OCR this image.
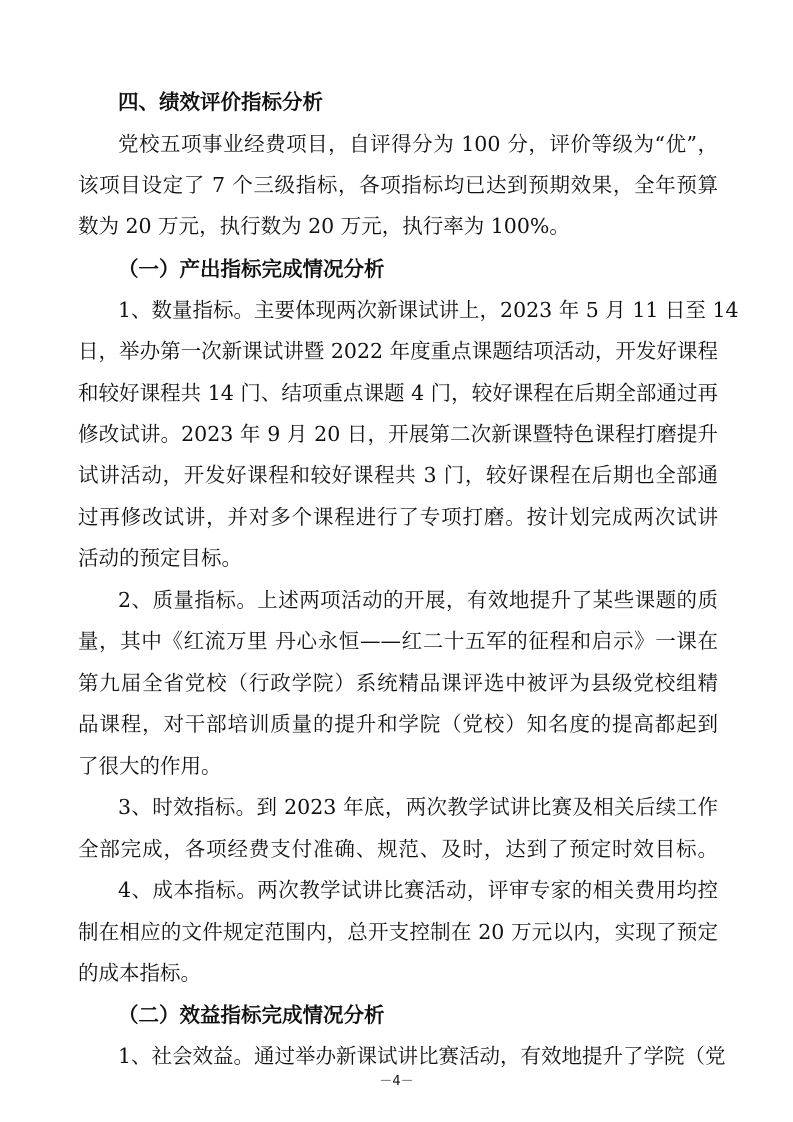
四、绩效评价指标分析
党校五项事业经费项目，自评得分为 100 分，评价等级为“优”，
该项目设定了 7 个三级指标，各项指标均已达到预期效果，全年预算
数为 20 万元，执行数为 20 万元，执行率为 100%。
（一）产出指标完成情况分析
1、数量指标。主要体现两次新课试讲上，2023 年 5 月 11 日至 14
日，举办第一次新课试讲暨 2022 年度重点课题结项活动，开发好课程
和较好课程共 14 门、结项重点课题 4 门，较好课程在后期全部通过再
修改试讲。2023 年 9 月 20 日，开展第二次新课暨特色课程打磨提升
试讲活动，开发好课程和较好课程共 3 门，较好课程在后期也全部通
过再修改试讲，并对多个课程进行了专项打磨。按计划完成两次试讲
活动的预定目标。
2、质量指标。上述两项活动的开展，有效地提升了某些课题的质
量，其中《红流万里 丹心永恒——红二十五军的征程和启示》一课在
第九届全省党校（行政学院）系统精品课评选中被评为县级党校组精
品课程，对干部培训质量的提升和学院（党校）知名度的提高都起到
了很大的作用。
3、时效指标。到 2023 年底，两次教学试讲比赛及相关后续工作
全部完成，各项经费支付准确、规范、及时，达到了预定时效目标。
4、成本指标。两次教学试讲比赛活动，评审专家的相关费用均控
制在相应的文件规定范围内，总开支控制在 20 万元以内，实现了预定
的成本指标。
（二）效益指标完成情况分析
1、社会效益。通过举办新课试讲比赛活动，有效地提升了学院（党
－4－
